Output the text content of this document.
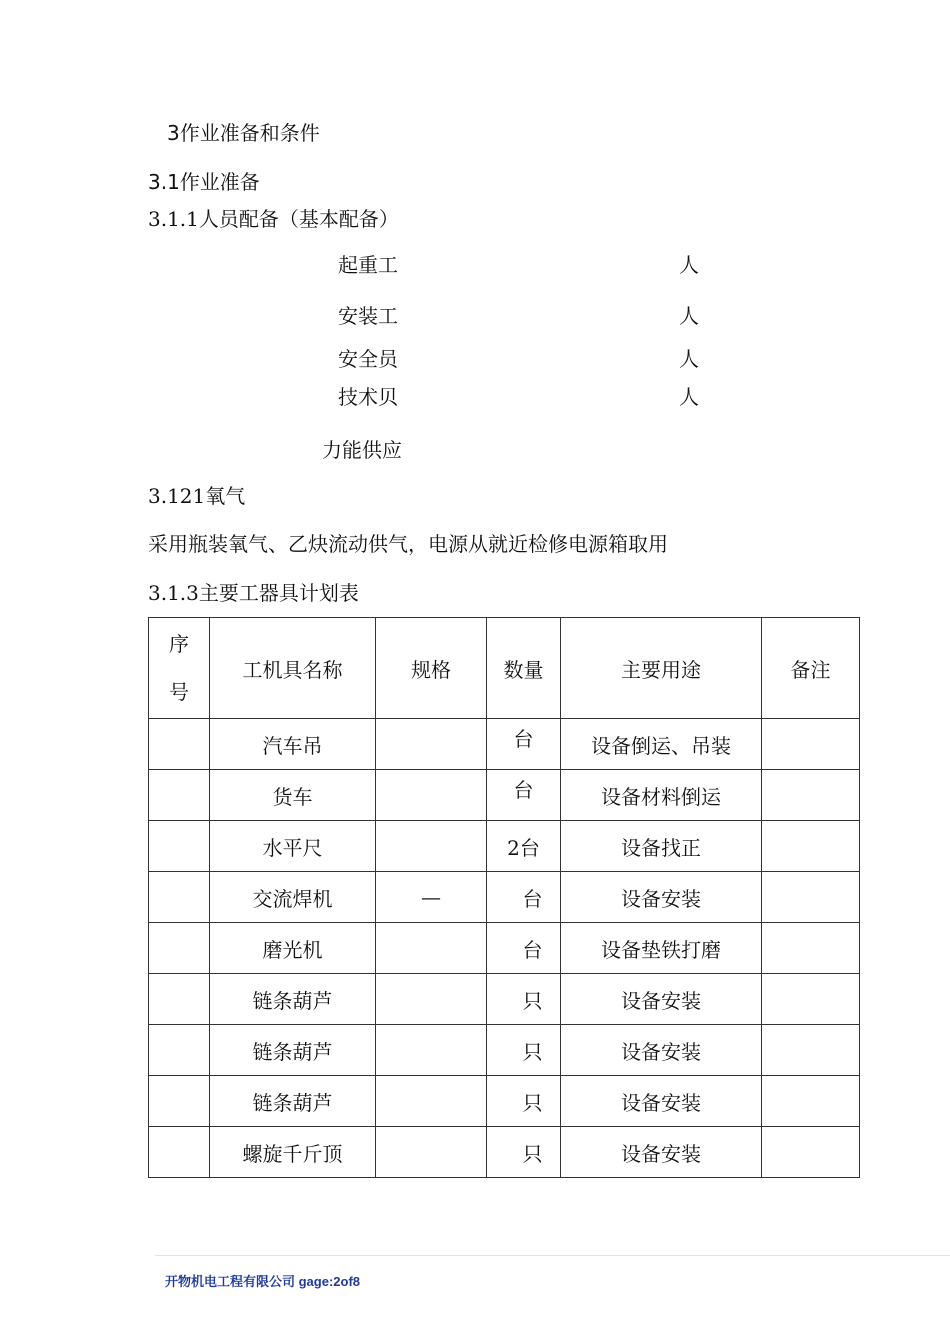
3作业准备和条件
3.1作业准备
3.1.1人员配备（基本配备）
起重工	人
安装工	人
安全员	人
技术贝	人
力能供应
3.121氧气
采用瓶装氧气、乙炔流动供气，电源从就近检修电源箱取用
3.1.3主要工器具计划表
序
号	工机具名称	规格	数量	主要用途	备注
	汽车吊		台	设备倒运、吊装	
	货车		台	设备材料倒运	
	水平尺		2台	设备找正	
	交流焊机	—	台	设备安装	
	磨光机		台	设备垫铁打磨	
	链条葫芦		只	设备安装	
	链条葫芦		只	设备安装	
	链条葫芦		只	设备安装	
	螺旋千斤顶		只	设备安装	
开物机电工程有限公司 gage:2of8
